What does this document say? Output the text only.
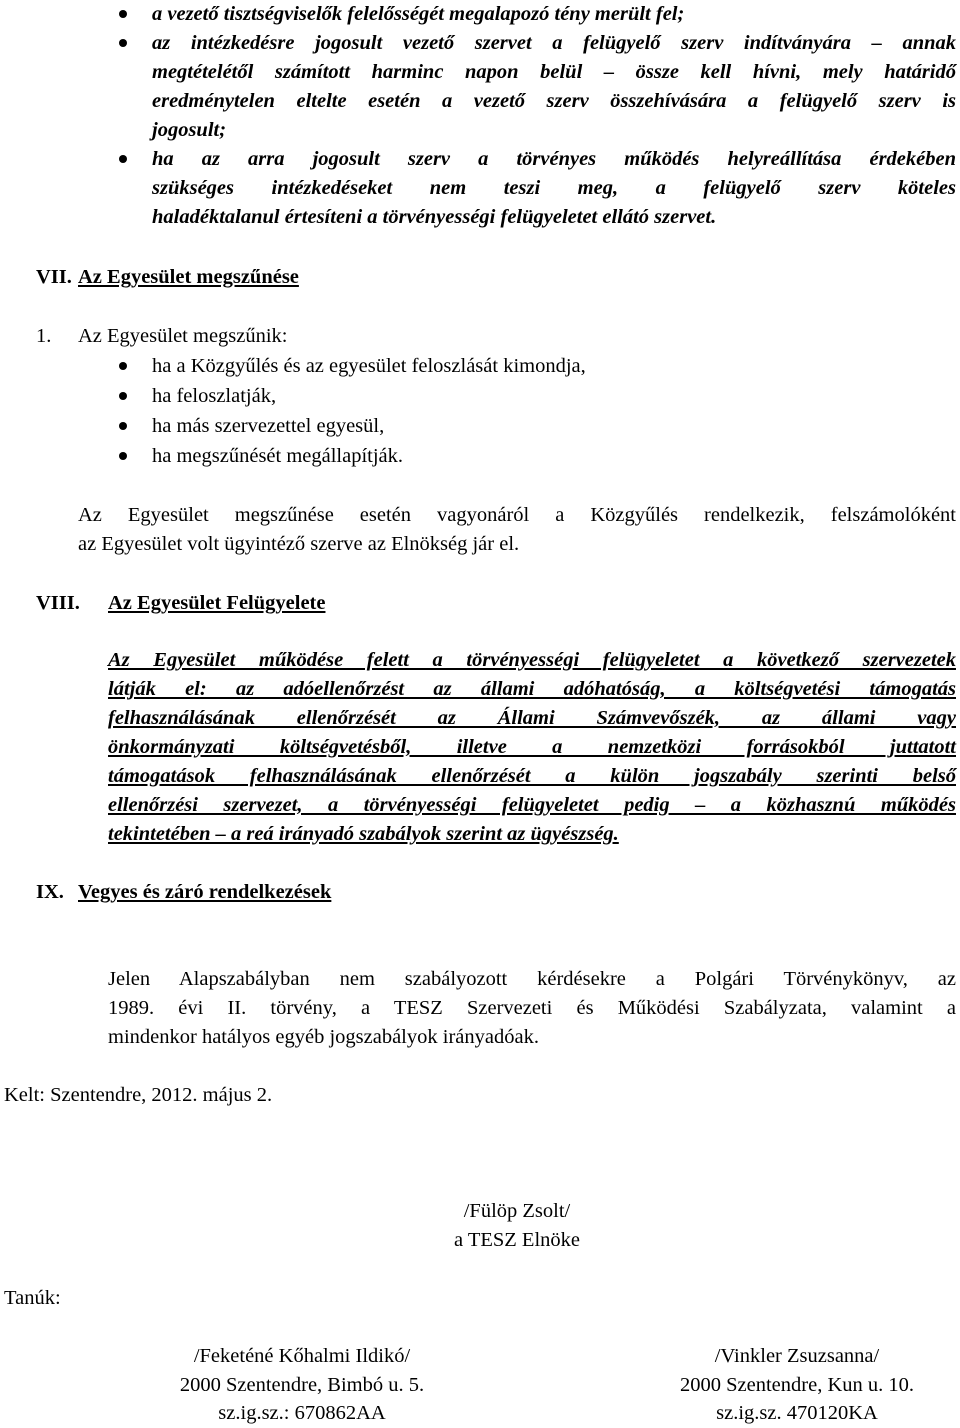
a vezető tisztségviselők felelősségét megalapozó tény merült fel;
az intézkedésre jogosult vezető szervet a felügyelő szerv indítványára – annak
megtételétől számított harminc napon belül – össze kell hívni, mely határidő
eredménytelen eltelte esetén a vezető szerv összehívására a felügyelő szerv is
jogosult;
ha az arra jogosult szerv a törvényes működés helyreállítása érdekében
szükséges intézkedéseket nem teszi meg, a felügyelő szerv köteles
haladéktalanul értesíteni a törvényességi felügyeletet ellátó szervet.
VII. Az Egyesület megszűnése
1. Az Egyesület megszűnik:
ha a Közgyűlés és az egyesület feloszlását kimondja,
ha feloszlatják,
ha más szervezettel egyesül,
ha megszűnését megállapítják.
Az Egyesület megszűnése esetén vagyonáról a Közgyűlés rendelkezik, felszámolóként
az Egyesület volt ügyintéző szerve az Elnökség jár el.
VIII. Az Egyesület Felügyelete
Az Egyesület működése felett a törvényességi felügyeletet a következő szervezetek
látják el: az adóellenőrzést az állami adóhatóság, a költségvetési támogatás
felhasználásának ellenőrzését az Állami Számvevőszék, az állami vagy
önkormányzati költségvetésből, illetve a nemzetközi forrásokból juttatott
támogatások felhasználásának ellenőrzését a külön jogszabály szerinti belső
ellenőrzési szervezet, a törvényességi felügyeletet pedig – a közhasznú működés
tekintetében – a reá irányadó szabályok szerint az ügyészség.
IX. Vegyes és záró rendelkezések
Jelen Alapszabályban nem szabályozott kérdésekre a Polgári Törvénykönyv, az
1989. évi II. törvény, a TESZ Szervezeti és Működési Szabályzata, valamint a
mindenkor hatályos egyéb jogszabályok irányadóak.
Kelt: Szentendre, 2012. május 2.
/Fülöp Zsolt/
a TESZ Elnöke
Tanúk:
/Feketéné Kőhalmi Ildikó/
2000 Szentendre, Bimbó u. 5.
sz.ig.sz.: 670862AA
/Vinkler Zsuzsanna/
2000 Szentendre, Kun u. 10.
sz.ig.sz. 470120KA
